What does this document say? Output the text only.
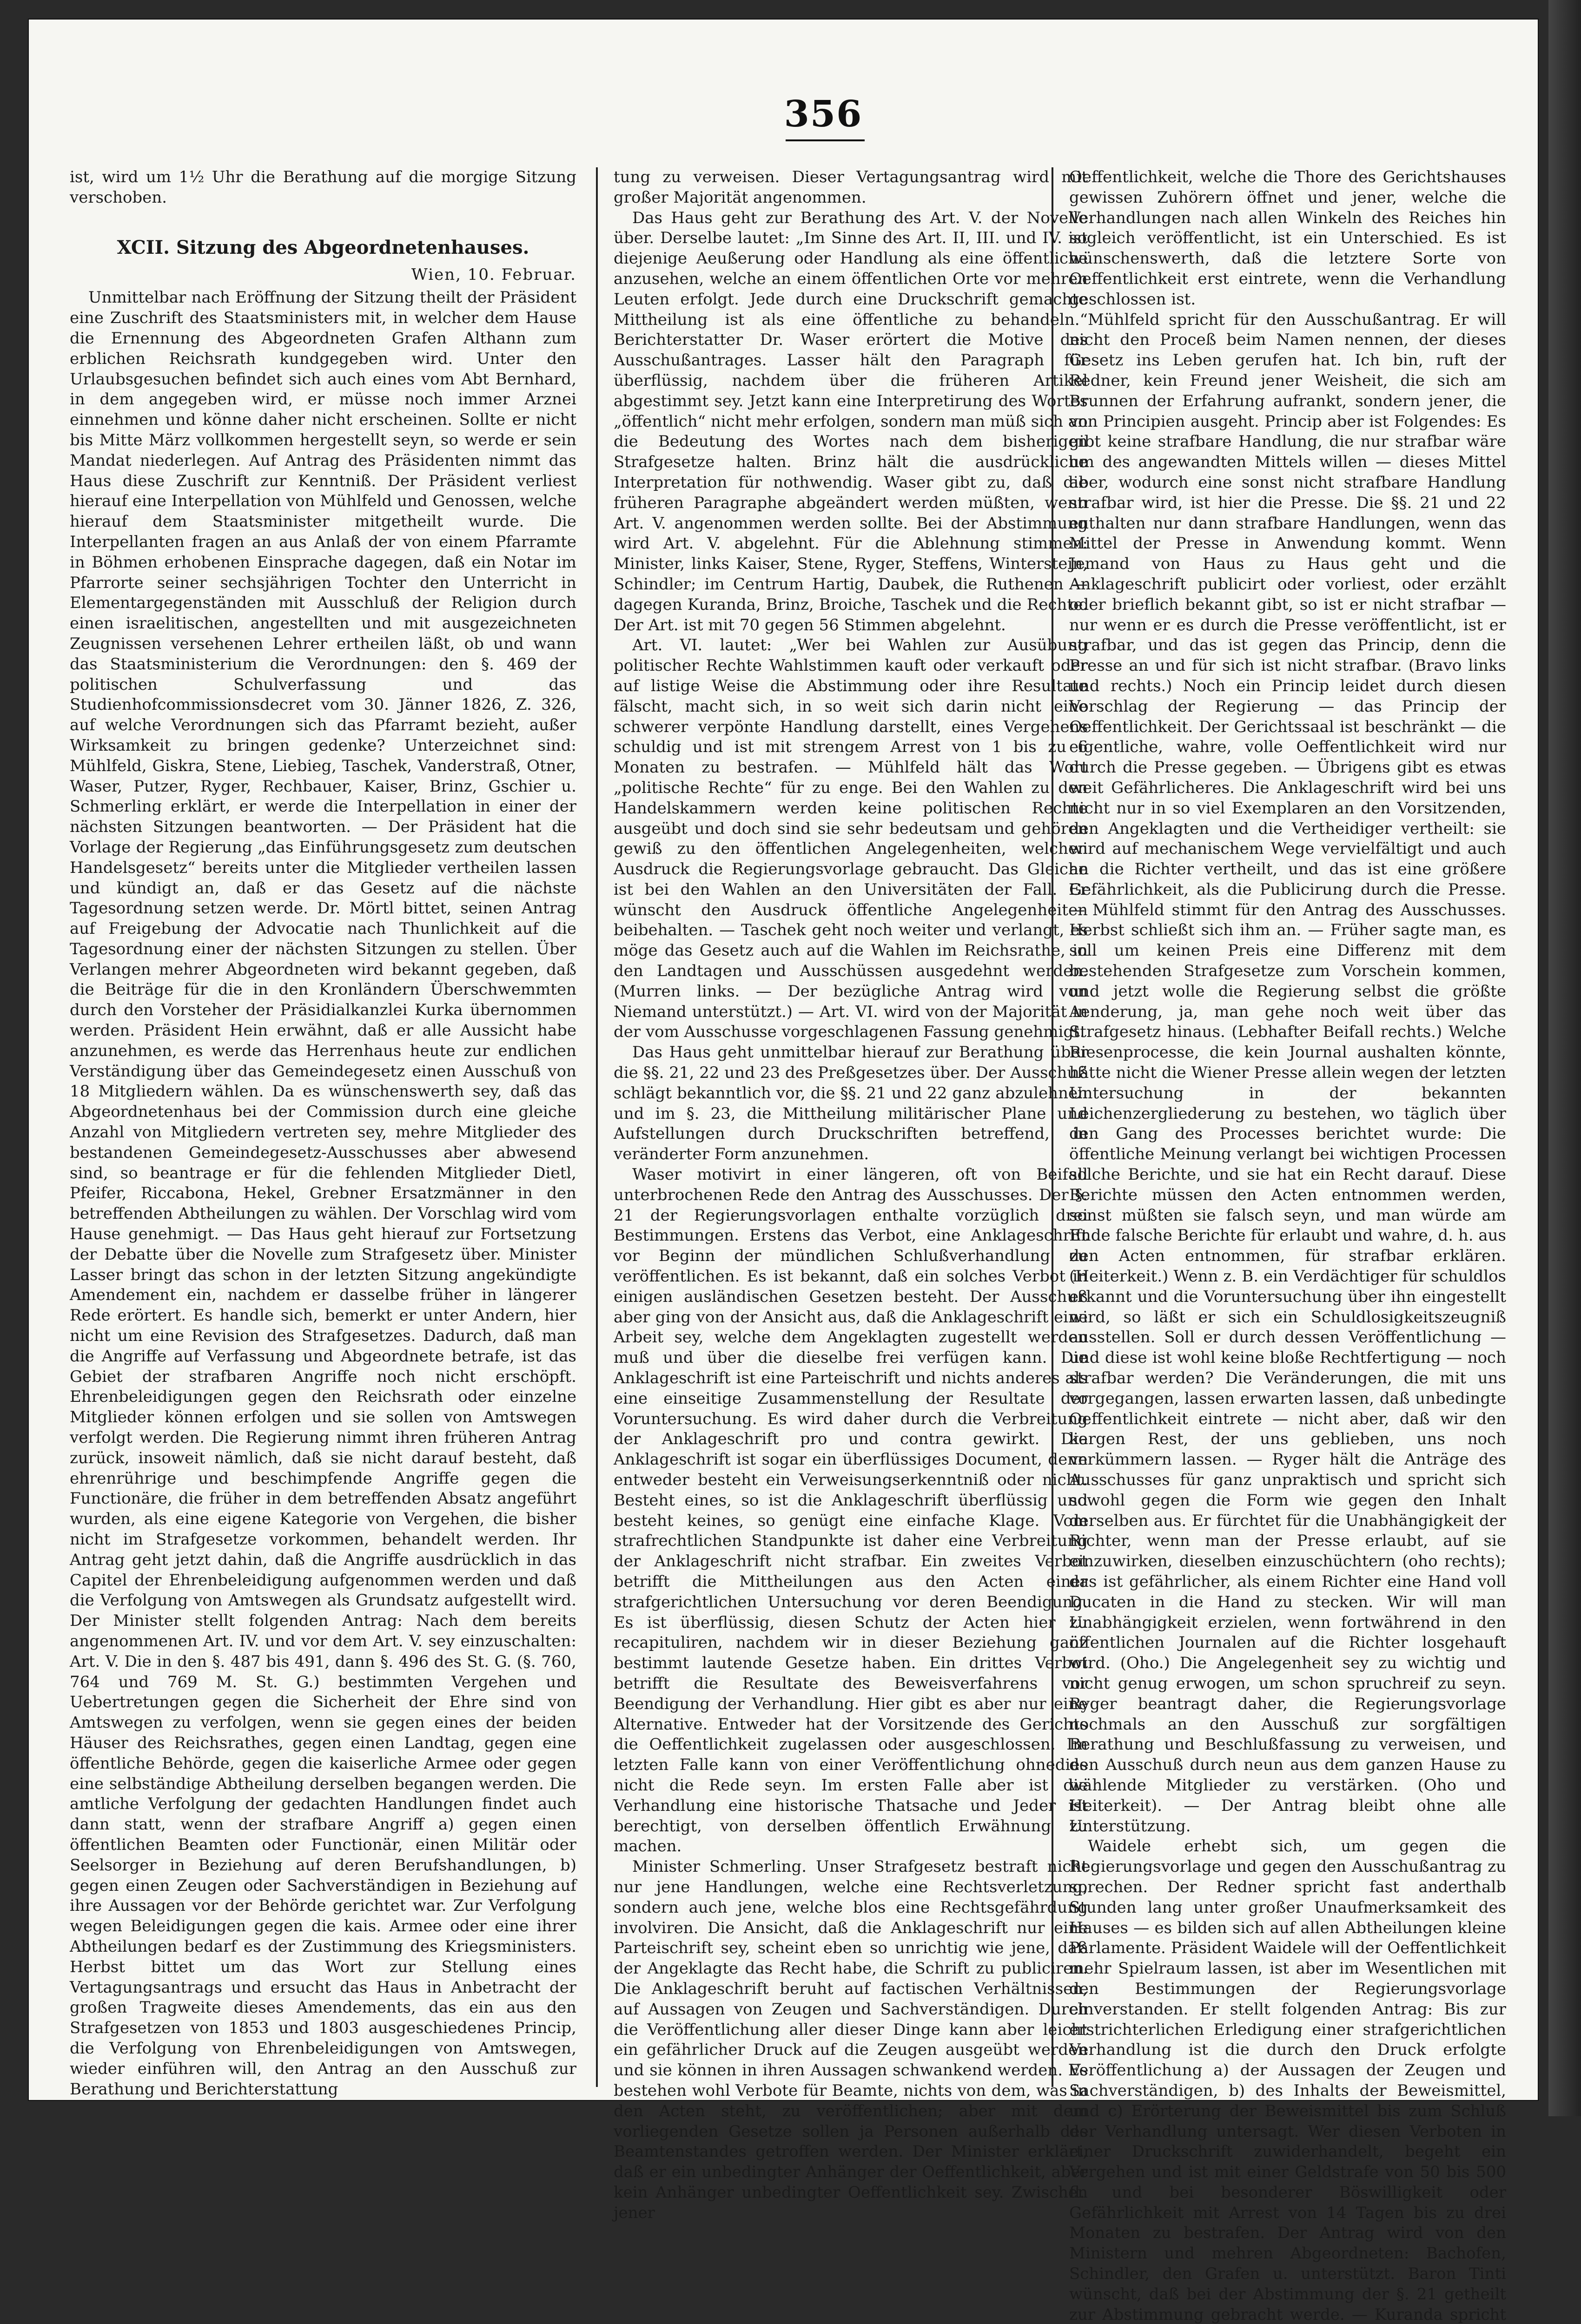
356

ist, wird um 1½ Uhr die Berathung auf die morgige Sitzung verschoben.

XCII. Sitzung des Abgeordnetenhauses.
Wien, 10. Februar.

Unmittelbar nach Eröffnung der Sitzung theilt der Präsident eine Zuschrift des Staatsministers mit, in welcher dem Hause die Ernennung des Abgeordneten Grafen Althann zum erblichen Reichsrath kundgegeben wird. Unter den Urlaubsgesuchen befindet sich auch eines vom Abt Bernhard, in dem angegeben wird, er müsse noch immer Arznei einnehmen und könne daher nicht erscheinen. Sollte er nicht bis Mitte März vollkommen hergestellt seyn, so werde er sein Mandat niederlegen. Auf Antrag des Präsidenten nimmt das Haus diese Zuschrift zur Kenntniß. Der Präsident verliest hierauf eine Interpellation von Mühlfeld und Genossen, welche hierauf dem Staatsminister mitgetheilt wurde. Die Interpellanten fragen an aus Anlaß der von einem Pfarramte in Böhmen erhobenen Einsprache dagegen, daß ein Notar im Pfarrorte seiner sechsjährigen Tochter den Unterricht in Elementargegenständen mit Ausschluß der Religion durch einen israelitischen, angestellten und mit ausgezeichneten Zeugnissen versehenen Lehrer ertheilen läßt, ob und wann das Staatsministerium die Verordnungen: den §. 469 der politischen Schulverfassung und das Studienhofcommissionsdecret vom 30. Jänner 1826, Z. 326, auf welche Verordnungen sich das Pfarramt bezieht, außer Wirksamkeit zu bringen gedenke? Unterzeichnet sind: Mühlfeld, Giskra, Stene, Liebieg, Taschek, Vanderstraß, Otner, Waser, Putzer, Ryger, Rechbauer, Kaiser, Brinz, Gschier u. Schmerling erklärt, er werde die Interpellation in einer der nächsten Sitzungen beantworten. — Der Präsident hat die Vorlage der Regierung „das Einführungsgesetz zum deutschen Handelsgesetz“ bereits unter die Mitglieder vertheilen lassen und kündigt an, daß er das Gesetz auf die nächste Tagesordnung setzen werde. Dr. Mörtl bittet, seinen Antrag auf Freigebung der Advocatie nach Thunlichkeit auf die Tagesordnung einer der nächsten Sitzungen zu stellen. Über Verlangen mehrer Abgeordneten wird bekannt gegeben, daß die Beiträge für die in den Kronländern Überschwemmten durch den Vorsteher der Präsidialkanzlei Kurka übernommen werden. Präsident Hein erwähnt, daß er alle Aussicht habe anzunehmen, es werde das Herrenhaus heute zur endlichen Verständigung über das Gemeindegesetz einen Ausschuß von 18 Mitgliedern wählen. Da es wünschenswerth sey, daß das Abgeordnetenhaus bei der Commission durch eine gleiche Anzahl von Mitgliedern vertreten sey, mehre Mitglieder des bestandenen Gemeindegesetz-Ausschusses aber abwesend sind, so beantrage er für die fehlenden Mitglieder Dietl, Pfeifer, Riccabona, Hekel, Grebner Ersatzmänner in den betreffenden Abtheilungen zu wählen. Der Vorschlag wird vom Hause genehmigt. — Das Haus geht hierauf zur Fortsetzung der Debatte über die Novelle zum Strafgesetz über. Minister Lasser bringt das schon in der letzten Sitzung angekündigte Amendement ein, nachdem er dasselbe früher in längerer Rede erörtert. Es handle sich, bemerkt er unter Andern, hier nicht um eine Revision des Strafgesetzes. Dadurch, daß man die Angriffe auf Verfassung und Abgeordnete betrafe, ist das Gebiet der strafbaren Angriffe noch nicht erschöpft. Ehrenbeleidigungen gegen den Reichsrath oder einzelne Mitglieder können erfolgen und sie sollen von Amtswegen verfolgt werden. Die Regierung nimmt ihren früheren Antrag zurück, insoweit nämlich, daß sie nicht darauf besteht, daß ehrenrührige und beschimpfende Angriffe gegen die Functionäre, die früher in dem betreffenden Absatz angeführt wurden, als eine eigene Kategorie von Vergehen, die bisher nicht im Strafgesetze vorkommen, behandelt werden. Ihr Antrag geht jetzt dahin, daß die Angriffe ausdrücklich in das Capitel der Ehrenbeleidigung aufgenommen werden und daß die Verfolgung von Amtswegen als Grundsatz aufgestellt wird. Der Minister stellt folgenden Antrag: Nach dem bereits angenommenen Art. IV. und vor dem Art. V. sey einzuschalten: Art. V. Die in den §. 487 bis 491, dann §. 496 des St. G. (§. 760, 764 und 769 M. St. G.) bestimmten Vergehen und Uebertretungen gegen die Sicherheit der Ehre sind von Amtswegen zu verfolgen, wenn sie gegen eines der beiden Häuser des Reichsrathes, gegen einen Landtag, gegen eine öffentliche Behörde, gegen die kaiserliche Armee oder gegen eine selbständige Abtheilung derselben begangen werden. Die amtliche Verfolgung der gedachten Handlungen findet auch dann statt, wenn der strafbare Angriff a) gegen einen öffentlichen Beamten oder Functionär, einen Militär oder Seelsorger in Beziehung auf deren Berufshandlungen, b) gegen einen Zeugen oder Sachverständigen in Beziehung auf ihre Aussagen vor der Behörde gerichtet war. Zur Verfolgung wegen Beleidigungen gegen die kais. Armee oder eine ihrer Abtheilungen bedarf es der Zustimmung des Kriegsministers. Herbst bittet um das Wort zur Stellung eines Vertagungsantrags und ersucht das Haus in Anbetracht der großen Tragweite dieses Amendements, das ein aus den Strafgesetzen von 1853 und 1803 ausgeschiedenes Princip, die Verfolgung von Ehrenbeleidigungen von Amtswegen, wieder einführen will, den Antrag an den Ausschuß zur Berathung und Berichterstattung

tung zu verweisen. Dieser Vertagungsantrag wird mit großer Majorität angenommen.

Das Haus geht zur Berathung des Art. V. der Novelle über. Derselbe lautet: „Im Sinne des Art. II, III. und IV. ist diejenige Aeußerung oder Handlung als eine öffentliche anzusehen, welche an einem öffentlichen Orte vor mehren Leuten erfolgt. Jede durch eine Druckschrift gemachte Mittheilung ist als eine öffentliche zu behandeln.“ Berichterstatter Dr. Waser erörtert die Motive des Ausschußantrages. Lasser hält den Paragraph für überflüssig, nachdem über die früheren Artikel abgestimmt sey. Jetzt kann eine Interpretirung des Wortes „öffentlich“ nicht mehr erfolgen, sondern man müß sich an die Bedeutung des Wortes nach dem bisherigen Strafgesetze halten. Brinz hält die ausdrückliche Interpretation für nothwendig. Waser gibt zu, daß die früheren Paragraphe abgeändert werden müßten, wenn Art. V. angenommen werden sollte. Bei der Abstimmung wird Art. V. abgelehnt. Für die Ablehnung stimmen: Minister, links Kaiser, Stene, Ryger, Steffens, Winterstein, Schindler; im Centrum Hartig, Daubek, die Ruthenen — dagegen Kuranda, Brinz, Broiche, Taschek und die Rechte. Der Art. ist mit 70 gegen 56 Stimmen abgelehnt.

Art. VI. lautet: „Wer bei Wahlen zur Ausübung politischer Rechte Wahlstimmen kauft oder verkauft oder auf listige Weise die Abstimmung oder ihre Resultate fälscht, macht sich, in so weit sich darin nicht eine schwerer verpönte Handlung darstellt, eines Vergehens schuldig und ist mit strengem Arrest von 1 bis zu 6 Monaten zu bestrafen. — Mühlfeld hält das Wort „politische Rechte“ für zu enge. Bei den Wahlen zu den Handelskammern werden keine politischen Rechte ausgeübt und doch sind sie sehr bedeutsam und gehören gewiß zu den öffentlichen Angelegenheiten, welchen Ausdruck die Regierungsvorlage gebraucht. Das Gleiche ist bei den Wahlen an den Universitäten der Fall. Er wünscht den Ausdruck öffentliche Angelegenheiten beibehalten. — Taschek geht noch weiter und verlangt, es möge das Gesetz auch auf die Wahlen im Reichsrathe, in den Landtagen und Ausschüssen ausgedehnt werden. (Murren links. — Der bezügliche Antrag wird von Niemand unterstützt.) — Art. VI. wird von der Majorität in der vom Ausschusse vorgeschlagenen Fassung genehmigt.

Das Haus geht unmittelbar hierauf zur Berathung über die §§. 21, 22 und 23 des Preßgesetzes über. Der Ausschuß schlägt bekanntlich vor, die §§. 21 und 22 ganz abzulehnen und im §. 23, die Mittheilung militärischer Plane und Aufstellungen durch Druckschriften betreffend, in veränderter Form anzunehmen.

Waser motivirt in einer längeren, oft von Beifall unterbrochenen Rede den Antrag des Ausschusses. Der §. 21 der Regierungsvorlagen enthalte vorzüglich drei Bestimmungen. Erstens das Verbot, eine Anklageschrift vor Beginn der mündlichen Schlußverhandlung zu veröffentlichen. Es ist bekannt, daß ein solches Verbot in einigen ausländischen Gesetzen besteht. Der Ausschuß aber ging von der Ansicht aus, daß die Anklageschrift eine Arbeit sey, welche dem Angeklagten zugestellt werden muß und über die dieselbe frei verfügen kann. Die Anklageschrift ist eine Parteischrift und nichts anderes als eine einseitige Zusammenstellung der Resultate der Voruntersuchung. Es wird daher durch die Verbreitung der Anklageschrift pro und contra gewirkt. Die Anklageschrift ist sogar ein überflüssiges Document, denn entweder besteht ein Verweisungserkenntniß oder nicht. Besteht eines, so ist die Anklageschrift überflüssig und besteht keines, so genügt eine einfache Klage. Vom strafrechtlichen Standpunkte ist daher eine Verbreitung der Anklageschrift nicht strafbar. Ein zweites Verbot betrifft die Mittheilungen aus den Acten einer strafgerichtlichen Untersuchung vor deren Beendigung. Es ist überflüssig, diesen Schutz der Acten hier zu recapituliren, nachdem wir in dieser Beziehung ganz bestimmt lautende Gesetze haben. Ein drittes Verbot betrifft die Resultate des Beweisverfahrens vor Beendigung der Verhandlung. Hier gibt es aber nur eine Alternative. Entweder hat der Vorsitzende des Gerichts die Oeffentlichkeit zugelassen oder ausgeschlossen. Im letzten Falle kann von einer Veröffentlichung ohnedies nicht die Rede seyn. Im ersten Falle aber ist die Verhandlung eine historische Thatsache und Jeder ist berechtigt, von derselben öffentlich Erwähnung zu machen.

Minister Schmerling. Unser Strafgesetz bestraft nicht nur jene Handlungen, welche eine Rechtsverletzung, sondern auch jene, welche blos eine Rechtsgefährdung involviren. Die Ansicht, daß die Anklageschrift nur eine Parteischrift sey, scheint eben so unrichtig wie jene, daß der Angeklagte das Recht habe, die Schrift zu publiciren. Die Anklageschrift beruht auf factischen Verhältnissen, auf Aussagen von Zeugen und Sachverständigen. Durch die Veröffentlichung aller dieser Dinge kann aber leicht ein gefährlicher Druck auf die Zeugen ausgeübt werden und sie können in ihren Aussagen schwankend werden. Es bestehen wohl Verbote für Beamte, nichts von dem, was in den Acten steht, zu veröffentlichen; aber mit dem vorliegenden Gesetze sollen ja Personen außerhalb des Beamtenstandes getroffen werden. Der Minister erklärt, daß er ein unbedingter Anhänger der Oeffentlichkeit, aber kein Anhänger unbedingter Oeffentlichkeit sey. Zwischen jener

Oeffentlichkeit, welche die Thore des Gerichtshauses gewissen Zuhörern öffnet und jener, welche die Verhandlungen nach allen Winkeln des Reiches hin sogleich veröffentlicht, ist ein Unterschied. Es ist wünschenswerth, daß die letztere Sorte von Oeffentlichkeit erst eintrete, wenn die Verhandlung geschlossen ist.

Mühlfeld spricht für den Ausschußantrag. Er will nicht den Proceß beim Namen nennen, der dieses Gesetz ins Leben gerufen hat. Ich bin, ruft der Redner, kein Freund jener Weisheit, die sich am Brunnen der Erfahrung aufrankt, sondern jener, die von Principien ausgeht. Princip aber ist Folgendes: Es gibt keine strafbare Handlung, die nur strafbar wäre um des angewandten Mittels willen — dieses Mittel aber, wodurch eine sonst nicht strafbare Handlung strafbar wird, ist hier die Presse. Die §§. 21 und 22 enthalten nur dann strafbare Handlungen, wenn das Mittel der Presse in Anwendung kommt. Wenn Jemand von Haus zu Haus geht und die Anklageschrift publicirt oder vorliest, oder erzählt oder brieflich bekannt gibt, so ist er nicht strafbar — nur wenn er es durch die Presse veröffentlicht, ist er strafbar, und das ist gegen das Princip, denn die Presse an und für sich ist nicht strafbar. (Bravo links und rechts.) Noch ein Princip leidet durch diesen Vorschlag der Regierung — das Princip der Oeffentlichkeit. Der Gerichtssaal ist beschränkt — die eigentliche, wahre, volle Oeffentlichkeit wird nur durch die Presse gegeben. — Übrigens gibt es etwas weit Gefährlicheres. Die Anklageschrift wird bei uns nicht nur in so viel Exemplaren an den Vorsitzenden, den Angeklagten und die Vertheidiger vertheilt: sie wird auf mechanischem Wege vervielfältigt und auch an die Richter vertheilt, und das ist eine größere Gefährlichkeit, als die Publicirung durch die Presse. — Mühlfeld stimmt für den Antrag des Ausschusses. Herbst schließt sich ihm an. — Früher sagte man, es soll um keinen Preis eine Differenz mit dem bestehenden Strafgesetze zum Vorschein kommen, und jetzt wolle die Regierung selbst die größte Aenderung, ja, man gehe noch weit über das Strafgesetz hinaus. (Lebhafter Beifall rechts.) Welche Riesenprocesse, die kein Journal aushalten könnte, hätte nicht die Wiener Presse allein wegen der letzten Untersuchung in der bekannten Leichenzergliederung zu bestehen, wo täglich über den Gang des Processes berichtet wurde: Die öffentliche Meinung verlangt bei wichtigen Processen solche Berichte, und sie hat ein Recht darauf. Diese Berichte müssen den Acten entnommen werden, sonst müßten sie falsch seyn, und man würde am Ende falsche Berichte für erlaubt und wahre, d. h. aus den Acten entnommen, für strafbar erklären. (Heiterkeit.) Wenn z. B. ein Verdächtiger für schuldlos erkannt und die Voruntersuchung über ihn eingestellt wird, so läßt er sich ein Schuldlosigkeitszeugniß ausstellen. Soll er durch dessen Veröffentlichung — und diese ist wohl keine bloße Rechtfertigung — noch strafbar werden? Die Veränderungen, die mit uns vorgegangen, lassen erwarten lassen, daß unbedingte Oeffentlichkeit eintrete — nicht aber, daß wir den kargen Rest, der uns geblieben, uns noch verkümmern lassen. — Ryger hält die Anträge des Ausschusses für ganz unpraktisch und spricht sich sowohl gegen die Form wie gegen den Inhalt derselben aus. Er fürchtet für die Unabhängigkeit der Richter, wenn man der Presse erlaubt, auf sie einzuwirken, dieselben einzuschüchtern (oho rechts); das ist gefährlicher, als einem Richter eine Hand voll Ducaten in die Hand zu stecken. Wir will man Unabhängigkeit erzielen, wenn fortwährend in den öffentlichen Journalen auf die Richter losgehauft wird. (Oho.) Die Angelegenheit sey zu wichtig und nicht genug erwogen, um schon spruchreif zu seyn. Ryger beantragt daher, die Regierungsvorlage nochmals an den Ausschuß zur sorgfältigen Berathung und Beschlußfassung zu verweisen, und den Ausschuß durch neun aus dem ganzen Hause zu wählende Mitglieder zu verstärken. (Oho und Heiterkeit). — Der Antrag bleibt ohne alle Unterstützung.

Waidele erhebt sich, um gegen die Regierungsvorlage und gegen den Ausschußantrag zu sprechen. Der Redner spricht fast anderthalb Stunden lang unter großer Unaufmerksamkeit des Hauses — es bilden sich auf allen Abtheilungen kleine Parlamente. Präsident Waidele will der Oeffentlichkeit mehr Spielraum lassen, ist aber im Wesentlichen mit den Bestimmungen der Regierungsvorlage einverstanden. Er stellt folgenden Antrag: Bis zur erstrichterlichen Erledigung einer strafgerichtlichen Verhandlung ist die durch den Druck erfolgte Veröffentlichung a) der Aussagen der Zeugen und Sachverständigen, b) des Inhalts der Beweismittel, und c) Erörterung der Beweismittel bis zum Schluß der Verhandlung untersagt. Wer diesen Verboten in einer Druckschrift zuwiderhandelt, begeht ein Vergehen und ist mit einer Geldstrafe von 50 bis 500 fl. und bei besonderer Böswilligkeit oder Gefährlichkeit mit Arrest von 14 Tagen bis zu drei Monaten zu bestrafen. Der Antrag wird von den Ministern und mehren Abgeordneten: Bachofen, Schindler, den Grafen u. unterstützt. Baron Tinti wünscht, daß bei der Abstimmung der §. 21 getheilt zur Abstimmung gebracht werde. — Kuranda spricht
